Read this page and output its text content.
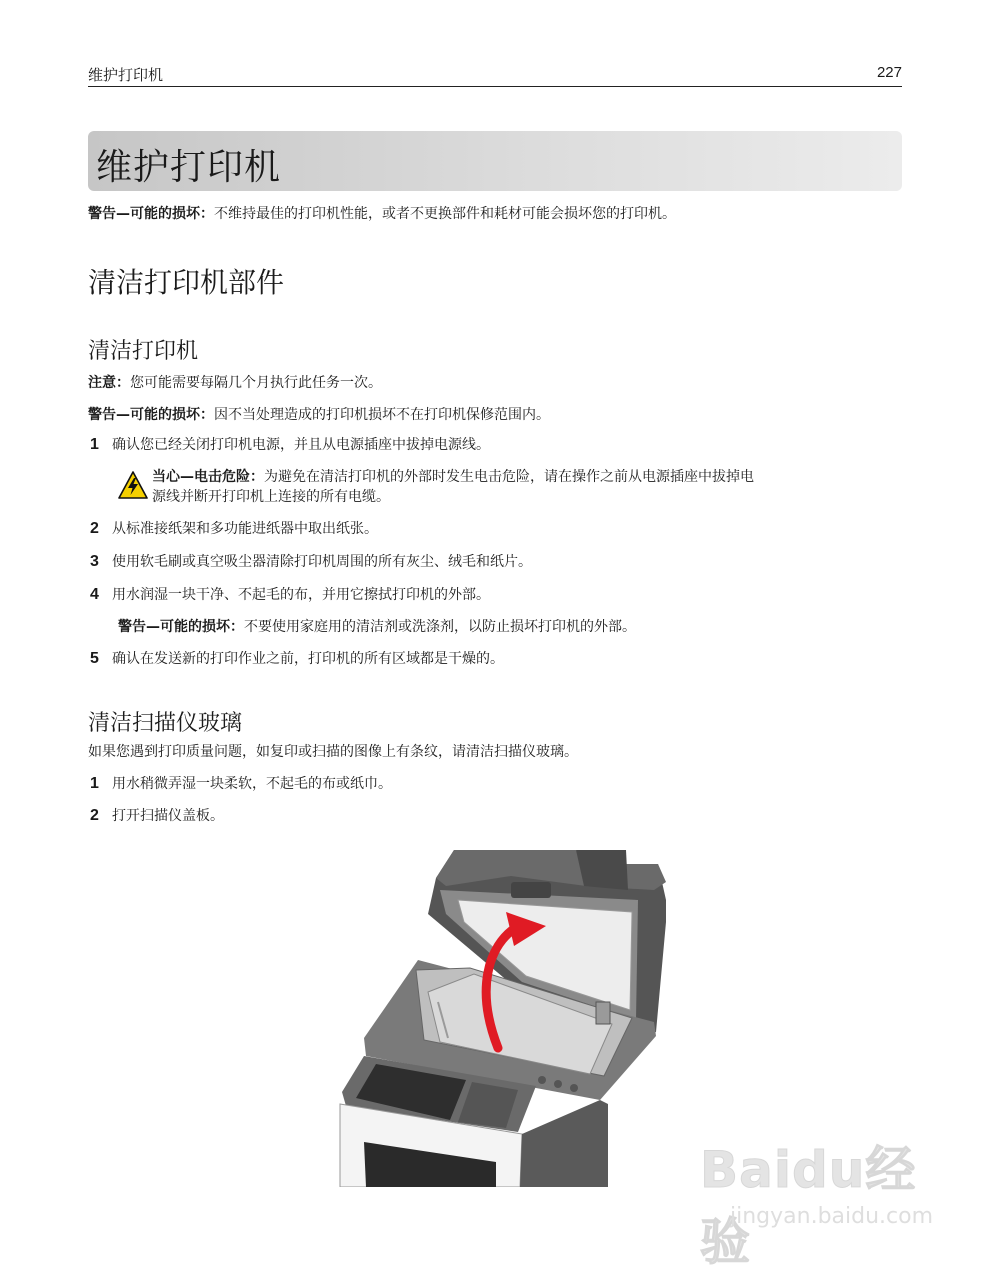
维护打印机	227
维护打印机
警告—可能的损坏：不维持最佳的打印机性能，或者不更换部件和耗材可能会损坏您的打印机。
清洁打印机部件
清洁打印机
注意：您可能需要每隔几个月执行此任务一次。
警告—可能的损坏：因不当处理造成的打印机损坏不在打印机保修范围内。
1 确认您已经关闭打印机电源，并且从电源插座中拔掉电源线。
当心—电击危险：为避免在清洁打印机的外部时发生电击危险，请在操作之前从电源插座中拔掉电
源线并断开打印机上连接的所有电缆。
2 从标准接纸架和多功能进纸器中取出纸张。
3 使用软毛刷或真空吸尘器清除打印机周围的所有灰尘、绒毛和纸片。
4 用水润湿一块干净、不起毛的布，并用它擦拭打印机的外部。
警告—可能的损坏：不要使用家庭用的清洁剂或洗涤剂，以防止损坏打印机的外部。
5 确认在发送新的打印作业之前，打印机的所有区域都是干燥的。
清洁扫描仪玻璃
如果您遇到打印质量问题，如复印或扫描的图像上有条纹，请清洁扫描仪玻璃。
1 用水稍微弄湿一块柔软，不起毛的布或纸巾。
2 打开扫描仪盖板。
Baidu经验
jingyan.baidu.com
